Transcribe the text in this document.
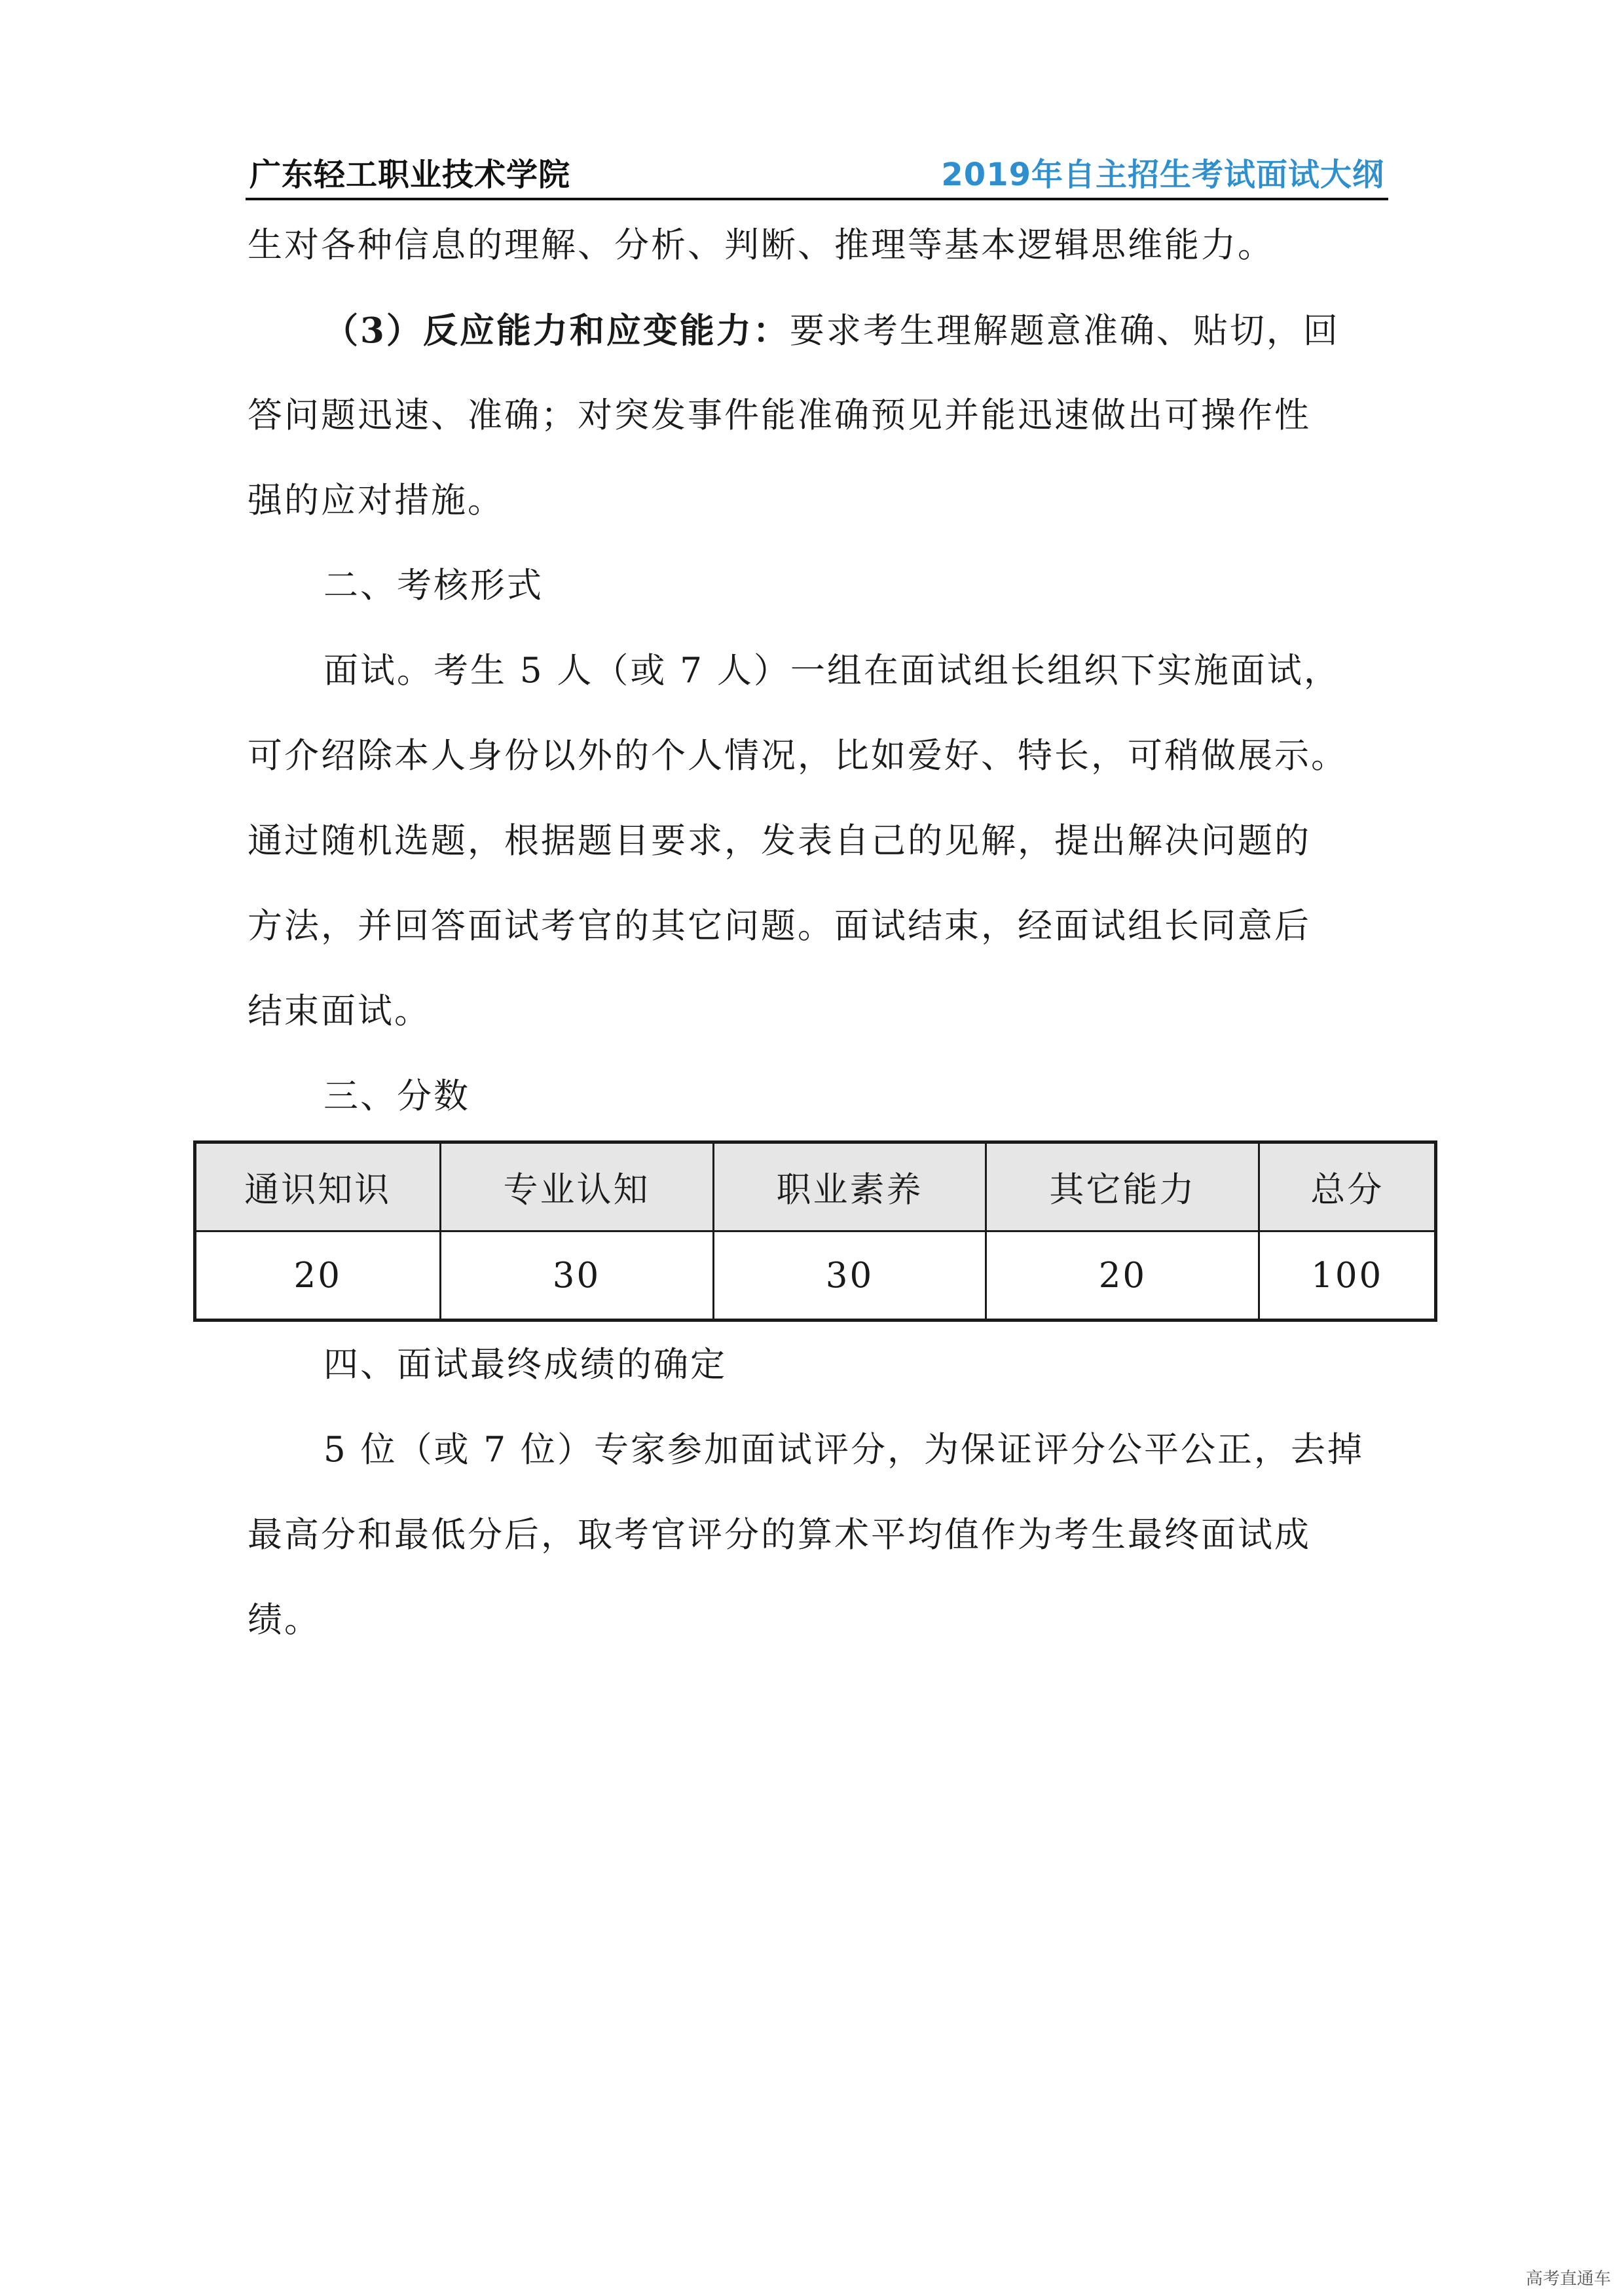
广东轻工职业技术学院	2019年自主招生考试面试大纲
生对各种信息的理解、分析、判断、推理等基本逻辑思维能力。
（3）反应能力和应变能力：要求考生理解题意准确、贴切，回
答问题迅速、准确；对突发事件能准确预见并能迅速做出可操作性
强的应对措施。
二、考核形式
面试。考生 5 人（或 7 人）一组在面试组长组织下实施面试，
可介绍除本人身份以外的个人情况，比如爱好、特长，可稍做展示。
通过随机选题，根据题目要求，发表自己的见解，提出解决问题的
方法，并回答面试考官的其它问题。面试结束，经面试组长同意后
结束面试。
三、分数
通识知识	专业认知	职业素养	其它能力	总分
20	30	30	20	100
四、面试最终成绩的确定
5 位（或 7 位）专家参加面试评分，为保证评分公平公正，去掉
最高分和最低分后，取考官评分的算术平均值作为考生最终面试成
绩。
高考直通车
